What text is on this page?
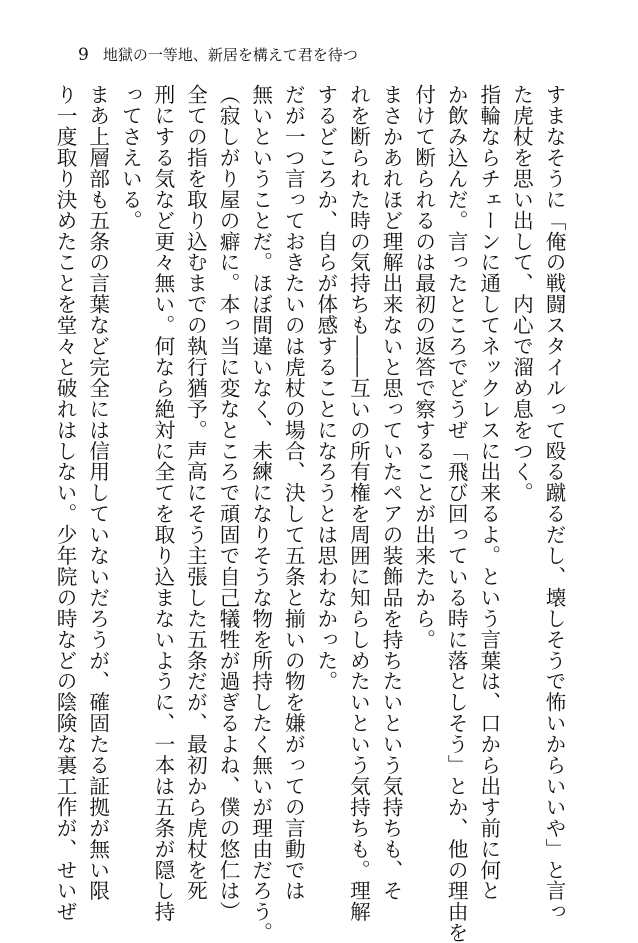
9 地獄の一等地、新居を構えて君を待つ
すまなそうに「俺の戦闘スタイルって殴る蹴るだし、壊しそうで怖いからいいや」と言っ
た虎杖を思い出して、内心で溜め息をつく。
指輪ならチェーンに通してネックレスに出来るよ。という言葉は、口から出す前に何と
か飲み込んだ。言ったところでどうぜ「飛び回っている時に落としそう」とか、他の理由を
付けて断られるのは最初の返答で察することが出来たから。
まさかあれほど理解出来ないと思っていたペアの装飾品を持ちたいという気持ちも、そ
れを断られた時の気持ちも――互いの所有権を周囲に知らしめたいという気持ちも。理解
するどころか、自らが体感することになろうとは思わなかった。
だが一つ言っておきたいのは虎杖の場合、決して五条と揃いの物を嫌がっての言動では
無いということだ。ほぼ間違いなく、未練になりそうな物を所持したく無いが理由だろう。
（寂しがり屋の癖に。本っ当に変なところで頑固で自己犠牲が過ぎるよね、僕の悠仁は）
全ての指を取り込むまでの執行猶予。声高にそう主張した五条だが、最初から虎杖を死
刑にする気など更々無い。何なら絶対に全てを取り込まないように、一本は五条が隠し持
ってさえいる。
まあ上層部も五条の言葉など完全には信用していないだろうが、確固たる証拠が無い限
り一度取り決めたことを堂々と破れはしない。少年院の時などの陰険な裏工作が、せいぜ
